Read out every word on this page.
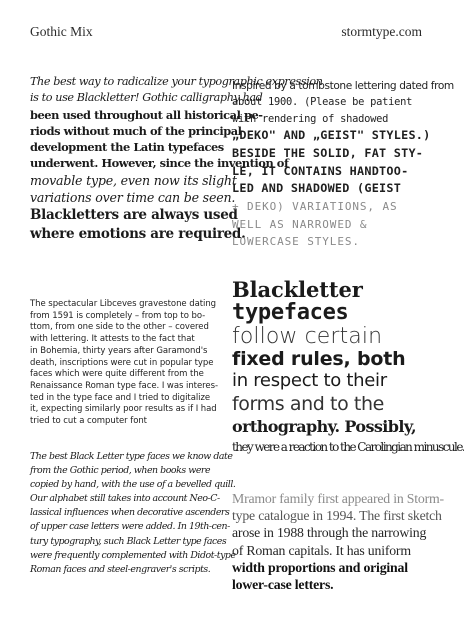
Gothic Mix	stormtype.com
The best way to radicalize your typographic expression
is to use Blackletter! Gothic calligraphy had
been used throughout all historical pe-
riods without much of the principal
development the Latin typefaces
underwent. However, since the invention of
movable type, even now its slight
variations over time can be seen.
Blackletters are always used
where emotions are required.
The spectacular Libceves gravestone dating
from 1591 is completely – from top to bo-
ttom, from one side to the other – covered
with lettering. It attests to the fact that
in Bohemia, thirty years after Garamond's
death, inscriptions were cut in popular type
faces which were quite different from the
Renaissance Roman type face. I was interes-
ted in the type face and I tried to digitalize
it, expecting similarly poor results as if I had
tried to cut a computer font
The best Black Letter type faces we know date
from the Gothic period, when books were
copied by hand, with the use of a bevelled quill.
Our alphabet still takes into account Neo-C-
lassical influences when decorative ascenders
of upper case letters were added. In 19th-cen-
tury typography, such Black Letter type faces
were frequently complemented with Didot-type
Roman faces and steel-engraver's scripts.
Inspired by a tombstone lettering dated from
about 1900. (Please be patient
with rendering of shadowed
„DEKO" AND „GEIST" STYLES.)
BESIDE THE SOLID, FAT STY-
LE, IT CONTAINS HANDTOO-
LED AND SHADOWED (GEIST
+ DEKO) VARIATIONS, AS
WELL AS NARROWED &
LOWERCASE STYLES.
Blackletter
typefaces
follow certain
fixed rules, both
in respect to their
forms and to the
orthography. Possibly,
they were a reaction to the Carolingian minuscule.
Mramor family first appeared in Storm-
type catalogue in 1994. The first sketch
arose in 1988 through the narrowing
of Roman capitals. It has uniform
width proportions and original
lower-case letters.
